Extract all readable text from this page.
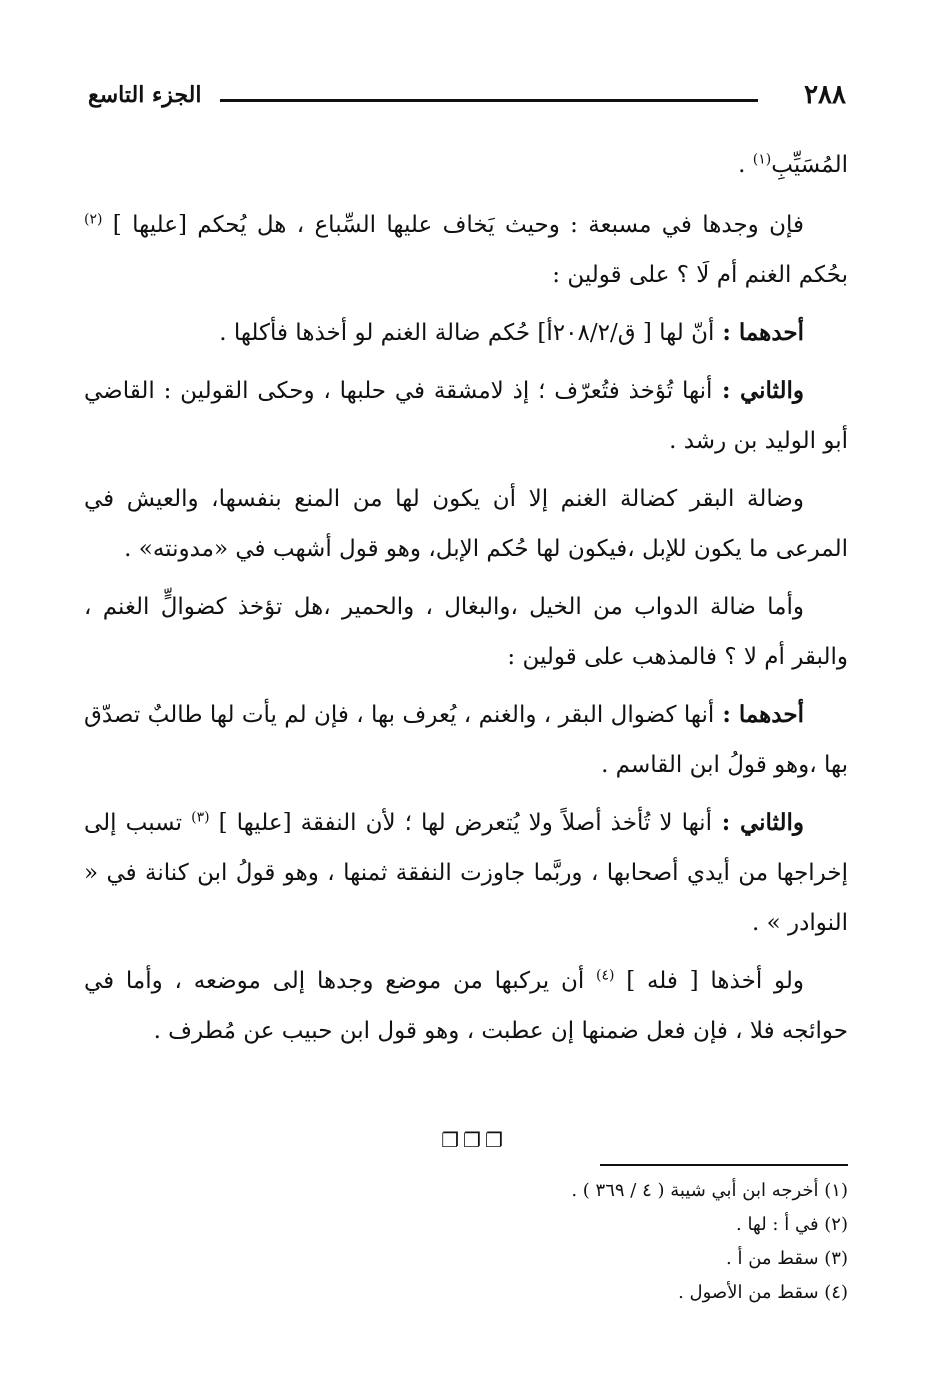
٢٨٨
الجزء التاسع

المُسَيِّبِ$^{(١)}$ .

فإن وجدها في مسبعة : وحيث يَخاف عليها السِّباع ، هل يُحكم [عليها ] $^{(٢)}$ بحُكم الغنم أم لَا ؟ على قولين :

أحدهما : أنّ لها [ ق/٢٠٨/٢أ] حُكم ضالة الغنم لو أخذها فأكلها .

والثاني : أنها تُؤخذ فتُعرّف ؛ إذ لامشقة في حلبها ، وحكى القولين : القاضي أبو الوليد بن رشد .

وضالة البقر كضالة الغنم إلا أن يكون لها من المنع بنفسها، والعيش في المرعى ما يكون للإبل ،فيكون لها حُكم الإبل، وهو قول أشهب في «مدونته» .

وأما ضالة الدواب من الخيل ،والبغال ، والحمير ،هل تؤخذ كضوالٍّ الغنم ، والبقر أم لا ؟ فالمذهب على قولين :

أحدهما : أنها كضوال البقر ، والغنم ، يُعرف بها ، فإن لم يأت لها طالبٌ تصدّق بها ،وهو قولُ ابن القاسم .

والثاني : أنها لا تُأخذ أصلاً ولا يُتعرض لها ؛ لأن النفقة [عليها ] $^{(٣)}$ تسبب إلى إخراجها من أيدي أصحابها ، وربَّما جاوزت النفقة ثمنها ، وهو قولُ ابن كنانة في « النوادر » .

ولو أخذها [ فله ] $^{(٤)}$ أن يركبها من موضع وجدها إلى موضعه ، وأما في حوائجه فلا ، فإن فعل ضمنها إن عطبت ، وهو قول ابن حبيب عن مُطرف .

❐❐❐
(١) أخرجه ابن أبي شيبة ( ٤ / ٣٦٩ ) .
(٢) في أ : لها .
(٣) سقط من أ .
(٤) سقط من الأصول .
